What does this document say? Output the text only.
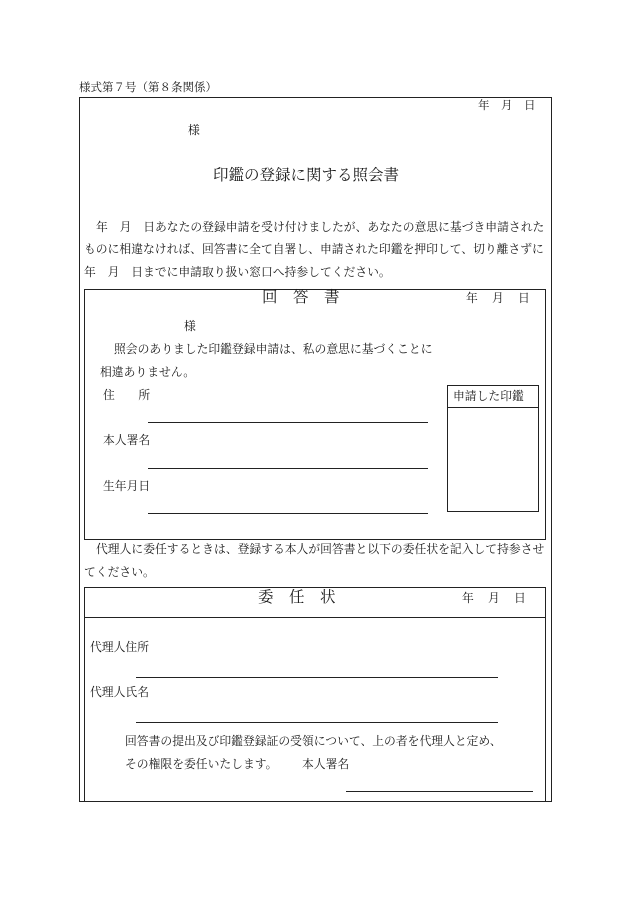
様式第７号（第８条関係）
年　月　日
様
印鑑の登録に関する照会書

年　月　日あなたの登録申請を受け付けましたが、あなたの意思に基づき申請された

ものに相違なければ、回答書に全て自署し、申請された印鑑を押印して、切り離さずに

年　月　日までに申請取り扱い窓口へ持参してください。

回　答　書	年　月　日
様

照会のありました印鑑登録申請は、私の意思に基づくことに

相違ありません。

住　　所
本人署名
生年月日
申請した印鑑

代理人に委任するときは、登録する本人が回答書と以下の委任状を記入して持参させ

てください。

委　任　状	年　月　日
代理人住所
代理人氏名

回答書の提出及び印鑑登録証の受領について、上の者を代理人と定め、

その権限を委任いたします。 本人署名
